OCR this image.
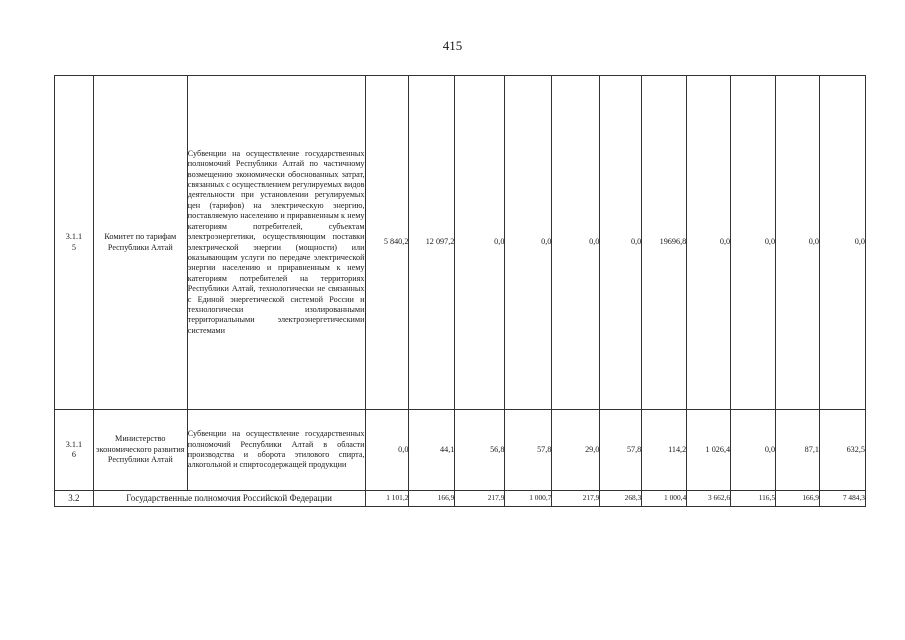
415
3.1.1
5	Комитет по тарифам Республики Алтай	Субвенции на осуществление государственных полномочий Республики Алтай по частичному возмещению экономически обоснованных затрат, связанных с осуществлением регулируемых видов деятельности при установлении регулируемых цен (тарифов) на электрическую энергию, поставляемую населению и приравненным к нему категориям потребителей, субъектам электроэнергетики, осуществляющим поставки электрической энергии (мощности) или оказывающим услуги по передаче электрической энергии населению и приравненным к нему категориям потребителей на территориях Республики Алтай, технологически не связанных с Единой энергетической системой России и технологически изолированными территориальными электроэнергетическими системами	5 840,2	12 097,2	0,0	0,0	0,0	0,0	19696,8	0,0	0,0	0,0	0,0
3.1.1
6	Министерство экономического развития Республики Алтай	Субвенции на осуществление государственных полномочий Республики Алтай в области производства и оборота этилового спирта, алкогольной и спиртосодержащей продукции	0,0	44,1	56,8	57,8	29,0	57,8	114,2	1 026,4	0,0	87,1	632,5
3.2	Государственные полномочия Российской Федерации		1 101,2	166,9	217,9	1 000,7	217,9	268,3	1 000,4	3 662,6	116,5	166,9	7 484,3
